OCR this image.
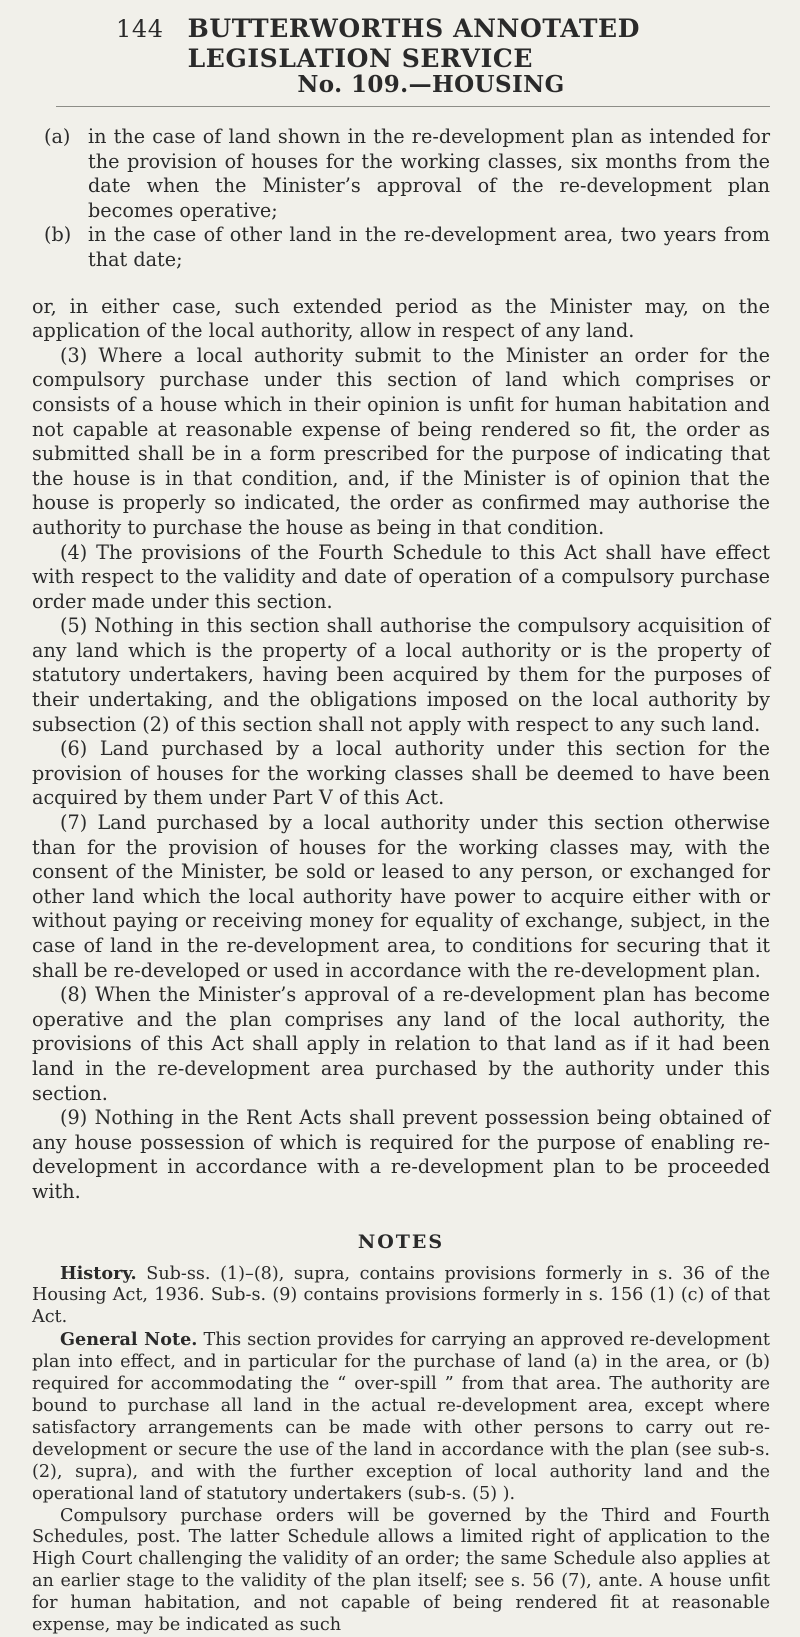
144 BUTTERWORTHS ANNOTATED LEGISLATION SERVICE
No. 109.—HOUSING
(a) in the case of land shown in the re-development plan as intended for the provision of houses for the working classes, six months from the date when the Minister’s approval of the re-development plan becomes operative;
(b) in the case of other land in the re-development area, two years from that date;

or, in either case, such extended period as the Minister may, on the application of the local authority, allow in respect of any land.

(3) Where a local authority submit to the Minister an order for the compulsory purchase under this section of land which comprises or consists of a house which in their opinion is unfit for human habitation and not capable at reasonable expense of being rendered so fit, the order as submitted shall be in a form prescribed for the purpose of indicating that the house is in that condition, and, if the Minister is of opinion that the house is properly so indicated, the order as confirmed may authorise the authority to purchase the house as being in that condition.

(4) The provisions of the Fourth Schedule to this Act shall have effect with respect to the validity and date of operation of a compulsory purchase order made under this section.

(5) Nothing in this section shall authorise the compulsory acquisition of any land which is the property of a local authority or is the property of statutory undertakers, having been acquired by them for the purposes of their undertaking, and the obligations imposed on the local authority by subsection (2) of this section shall not apply with respect to any such land.

(6) Land purchased by a local authority under this section for the provision of houses for the working classes shall be deemed to have been acquired by them under Part V of this Act.

(7) Land purchased by a local authority under this section otherwise than for the provision of houses for the working classes may, with the consent of the Minister, be sold or leased to any person, or exchanged for other land which the local authority have power to acquire either with or without paying or receiving money for equality of exchange, subject, in the case of land in the re-development area, to conditions for securing that it shall be re-developed or used in accordance with the re-development plan.

(8) When the Minister’s approval of a re-development plan has become operative and the plan comprises any land of the local authority, the provisions of this Act shall apply in relation to that land as if it had been land in the re-development area purchased by the authority under this section.

(9) Nothing in the Rent Acts shall prevent possession being obtained of any house possession of which is required for the purpose of enabling re-development in accordance with a re-development plan to be proceeded with.

NOTES

History. Sub-ss. (1)–(8), supra, contains provisions formerly in s. 36 of the Housing Act, 1936. Sub-s. (9) contains provisions formerly in s. 156 (1) (c) of that Act.

General Note. This section provides for carrying an approved re-development plan into effect, and in particular for the purchase of land (a) in the area, or (b) required for accommodating the “ over-spill ” from that area. The authority are bound to purchase all land in the actual re-development area, except where satisfactory arrangements can be made with other persons to carry out re-development or secure the use of the land in accordance with the plan (see sub-s. (2), supra), and with the further exception of local authority land and the operational land of statutory undertakers (sub-s. (5) ).

Compulsory purchase orders will be governed by the Third and Fourth Schedules, post. The latter Schedule allows a limited right of application to the High Court challenging the validity of an order; the same Schedule also applies at an earlier stage to the validity of the plan itself; see s. 56 (7), ante. A house unfit for human habitation, and not capable of being rendered fit at reasonable expense, may be indicated as such
